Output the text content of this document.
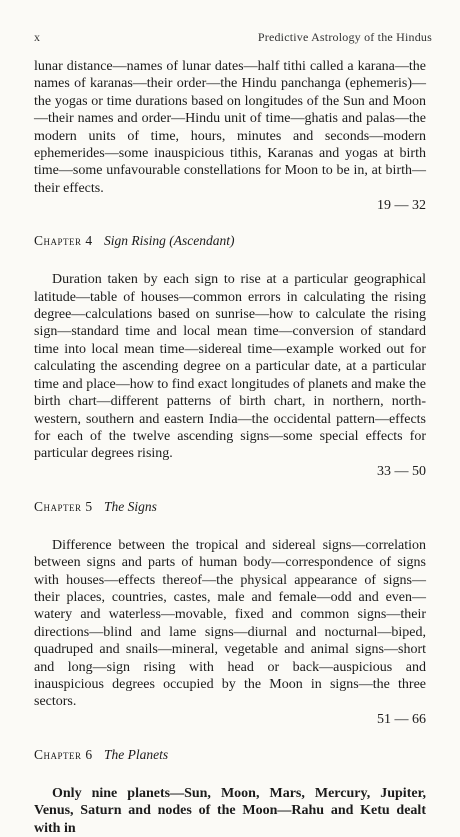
x	Predictive Astrology of the Hindus

lunar distance—names of lunar dates—half tithi called a karana—the names of karanas—their order—the Hindu panchanga (ephemeris)—the yogas or time durations based on longitudes of the Sun and Moon—their names and order—Hindu unit of time—ghatis and palas—the modern units of time, hours, minutes and seconds—modern ephemerides—some inauspicious tithis, Karanas and yogas at birth time—some unfavourable constellations for Moon to be in, at birth—their effects.

19 — 32
Chapter 4 Sign Rising (Ascendant)

Duration taken by each sign to rise at a particular geographical latitude—table of houses—common errors in calculating the rising degree—calculations based on sunrise—how to calculate the rising sign—standard time and local mean time—conversion of standard time into local mean time—sidereal time—example worked out for calculating the ascending degree on a particular date, at a particular time and place—how to find exact longitudes of planets and make the birth chart—different patterns of birth chart, in northern, north-western, southern and eastern India—the occidental pattern—effects for each of the twelve ascending signs—some special effects for particular degrees rising.

33 — 50
Chapter 5 The Signs

Difference between the tropical and sidereal signs—correlation between signs and parts of human body—correspondence of signs with houses—effects thereof—the physical appearance of signs—their places, countries, castes, male and female—odd and even—watery and waterless—movable, fixed and common signs—their directions—blind and lame signs—diurnal and nocturnal—biped, quadruped and snails—mineral, vegetable and animal signs—short and long—sign rising with head or back—auspicious and inauspicious degrees occupied by the Moon in signs—the three sectors.

51 — 66
Chapter 6 The Planets

Only nine planets—Sun, Moon, Mars, Mercury, Jupiter, Venus, Saturn and nodes of the Moon—Rahu and Ketu dealt with in
